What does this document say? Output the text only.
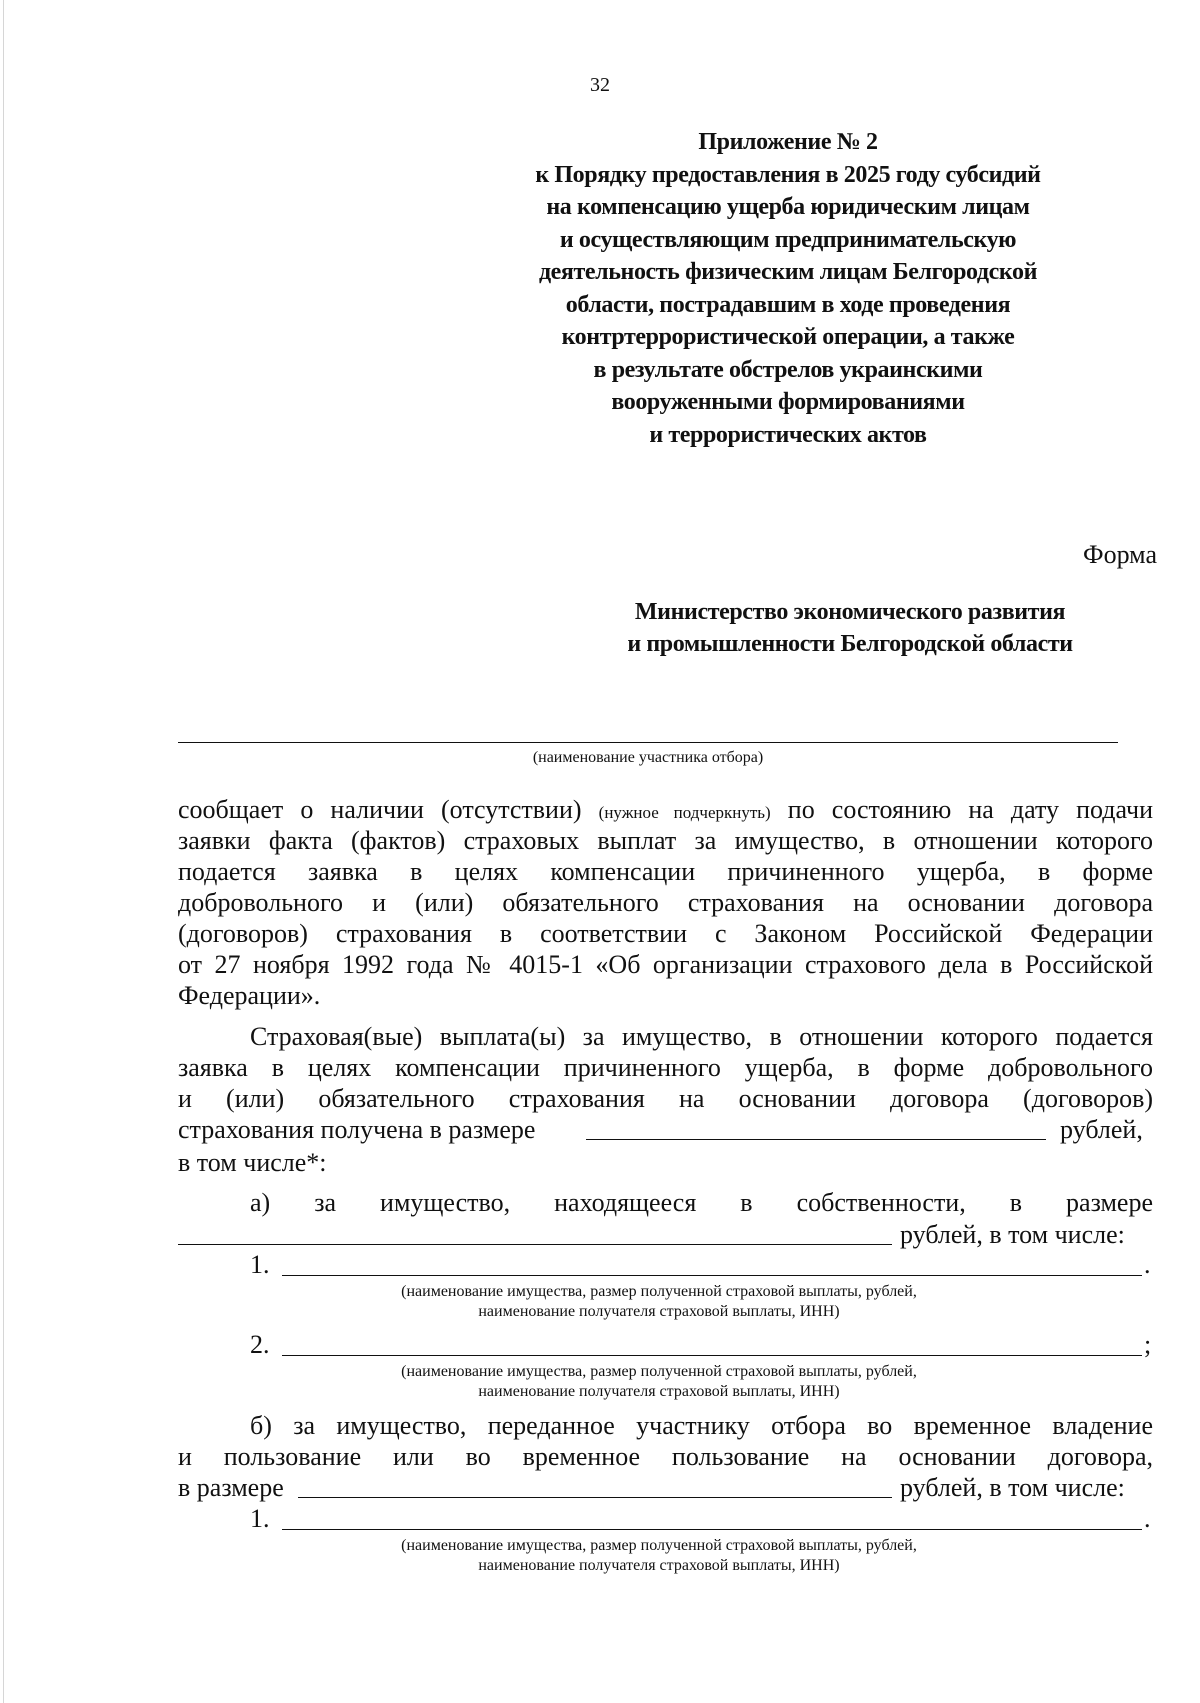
32
Приложение № 2
к Порядку предоставления в 2025 году субсидий
на компенсацию ущерба юридическим лицам
и осуществляющим предпринимательскую
деятельность физическим лицам Белгородской
области, пострадавшим в ходе проведения
контртеррористической операции, а также
в результате обстрелов украинскими
вооруженными формированиями
и террористических актов
Форма
Министерство экономического развития
и промышленности Белгородской области
(наименование участника отбора)
сообщает о наличии (отсутствии) (нужное подчеркнуть) по состоянию на дату подачи
заявки факта (фактов) страховых выплат за имущество, в отношении которого
подается заявка в целях компенсации причиненного ущерба, в форме
добровольного и (или) обязательного страхования на основании договора
(договоров) страхования в соответствии с Законом Российской Федерации
от 27 ноября 1992 года № 4015-1 «Об организации страхового дела в Российской
Федерации».
Страховая(вые) выплата(ы) за имущество, в отношении которого подается
заявка в целях компенсации причиненного ущерба, в форме добровольного
и (или) обязательного страхования на основании договора (договоров)
страхования получена в размере	рублей,
в том числе*:
а) за имущество, находящееся в собственности, в размере
рублей, в том числе:
1.	.
(наименование имущества, размер полученной страховой выплаты, рублей,
наименование получателя страховой выплаты, ИНН)
2.	;
(наименование имущества, размер полученной страховой выплаты, рублей,
наименование получателя страховой выплаты, ИНН)
б) за имущество, переданное участнику отбора во временное владение
и пользование или во временное пользование на основании договора,
в размере	рублей, в том числе:
1.	.
(наименование имущества, размер полученной страховой выплаты, рублей,
наименование получателя страховой выплаты, ИНН)
